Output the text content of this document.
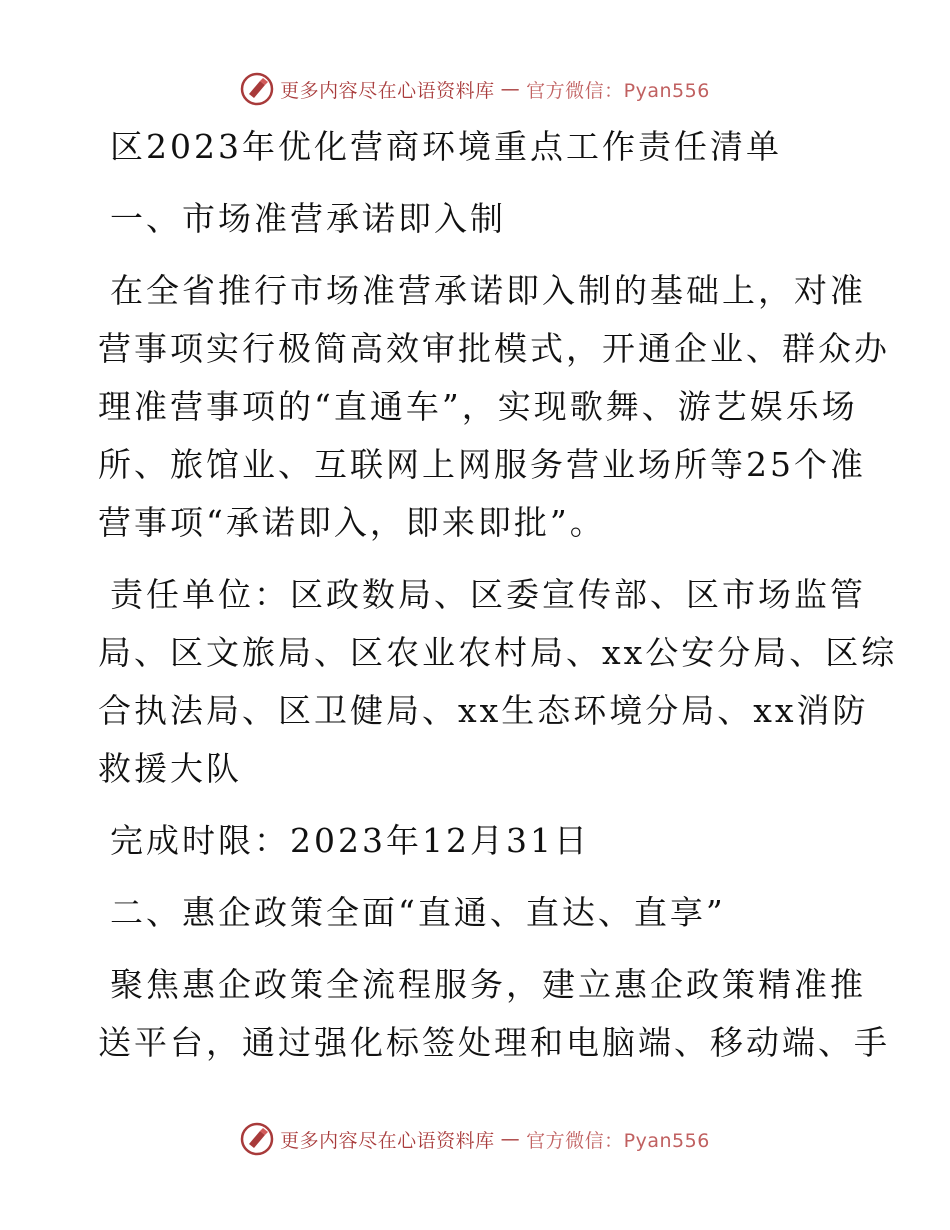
更多内容尽在心语资料库 — 官方微信：Pyan556
区2023年优化营商环境重点工作责任清单
一、市场准营承诺即入制
在全省推行市场准营承诺即入制的基础上，对准
营事项实行极简高效审批模式，开通企业、群众办
理准营事项的“直通车”，实现歌舞、游艺娱乐场
所、旅馆业、互联网上网服务营业场所等25个准
营事项“承诺即入，即来即批”。
责任单位：区政数局、区委宣传部、区市场监管
局、区文旅局、区农业农村局、xx公安分局、区综
合执法局、区卫健局、xx生态环境分局、xx消防
救援大队
完成时限：2023年12月31日
二、惠企政策全面“直通、直达、直享”
聚焦惠企政策全流程服务，建立惠企政策精准推
送平台，通过强化标签处理和电脑端、移动端、手
更多内容尽在心语资料库 — 官方微信：Pyan556
